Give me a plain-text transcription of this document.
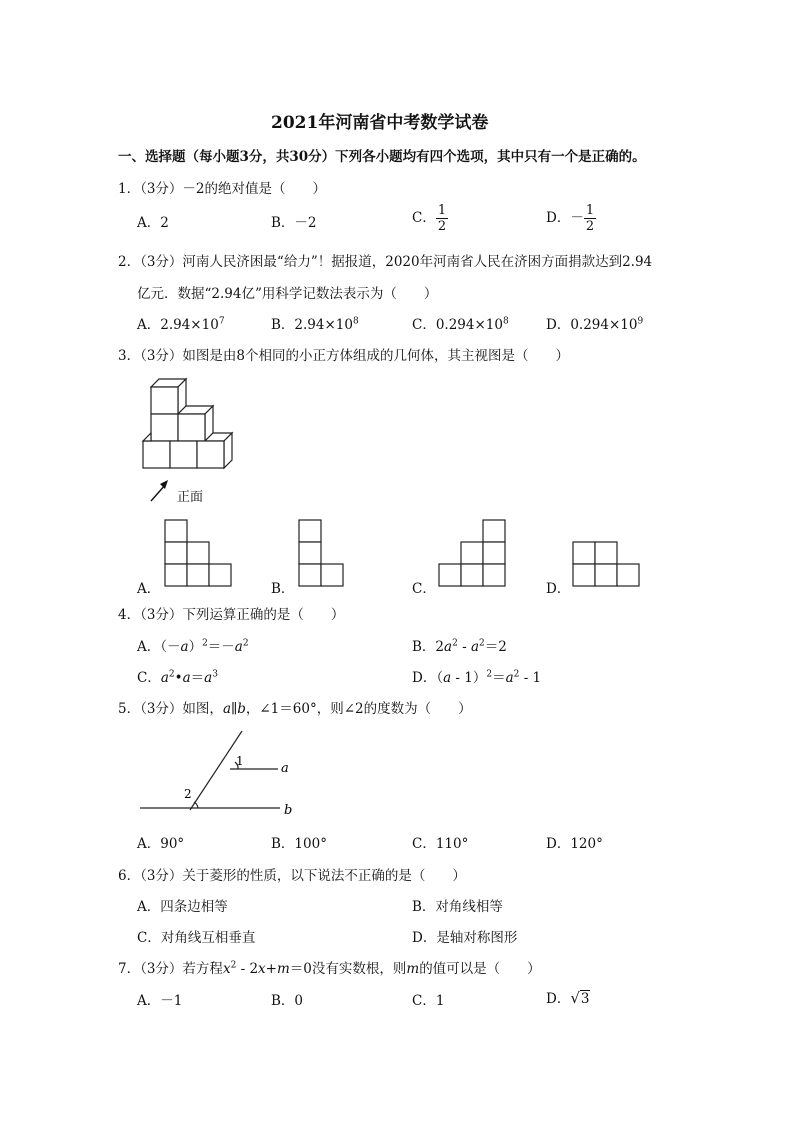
2021年河南省中考数学试卷
一、选择题（每小题3分，共30分）下列各小题均有四个选项，其中只有一个是正确的。
1．（3分）－2的绝对值是（　　）
A．2	B．－2	C． $\frac{1}{2}$	D．－ $\frac{1}{2}$
2．（3分）河南人民济困最“给力”！据报道，2020年河南省人民在济困方面捐款达到2.94
亿元．数据“2.94亿”用科学记数法表示为（　　）
A．$2.94\times 10^7$	B．$2.94\times 10^8$	C．$0.294\times 10^8$	D．$0.294\times 10^9$
3．（3分）如图是由8个相同的小正方体组成的几何体，其主视图是（　　）
正面
A．	B．	C．	D．
4．（3分）下列运算正确的是（　　）
A．$(-a)^2=-a^2$	B．$2a^2 - a^2=2$
C．$a^2•a=a^3$	D．$(a - 1)^2=a^2 - 1$
5．（3分）如图，a∥b，∠1＝60°，则∠2的度数为（　　）
1
2
a
b
A．90°	B．100°	C．110°	D．120°
6．（3分）关于菱形的性质，以下说法不正确的是（　　）
A．四条边相等	B．对角线相等
C．对角线互相垂直	D．是轴对称图形
7．（3分）若方程$x^2 - 2x+m=0$没有实数根，则m的值可以是（　　）
A．－1	B．0	C．1	D．√3
